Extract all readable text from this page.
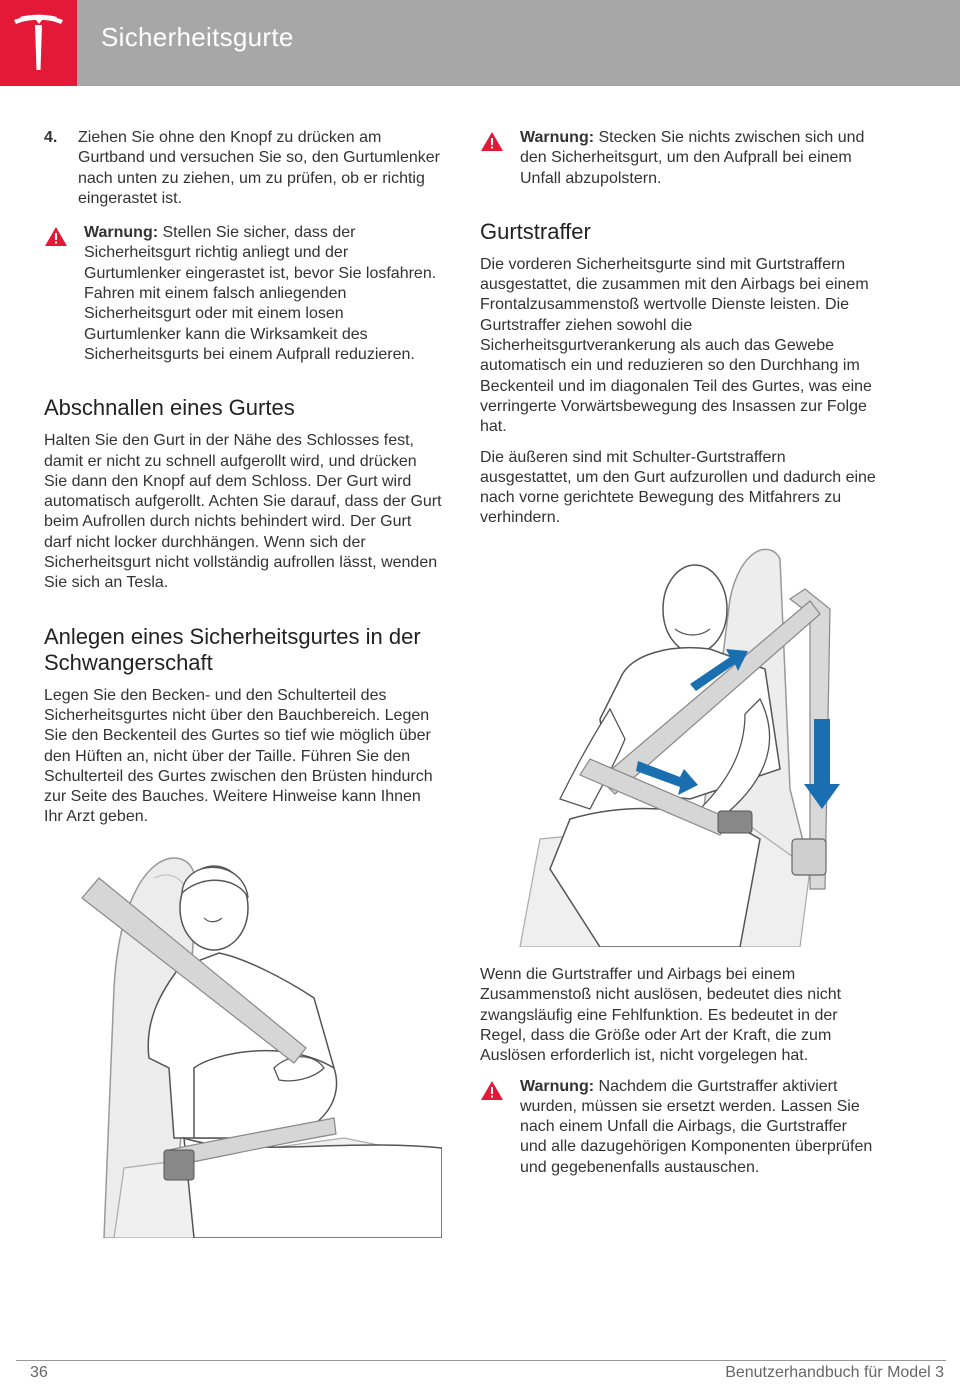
Sicherheitsgurte
4.	Ziehen Sie ohne den Knopf zu drücken am Gurtband und versuchen Sie so, den Gurtumlenker nach unten zu ziehen, um zu prüfen, ob er richtig eingerastet ist.
Warnung: Stellen Sie sicher, dass der Sicherheitsgurt richtig anliegt und der Gurtumlenker eingerastet ist, bevor Sie losfahren. Fahren mit einem falsch anliegenden Sicherheitsgurt oder mit einem losen Gurtumlenker kann die Wirksamkeit des Sicherheitsgurts bei einem Aufprall reduzieren.
Abschnallen eines Gurtes

Halten Sie den Gurt in der Nähe des Schlosses fest, damit er nicht zu schnell aufgerollt wird, und drücken Sie dann den Knopf auf dem Schloss. Der Gurt wird automatisch aufgerollt. Achten Sie darauf, dass der Gurt beim Aufrollen durch nichts behindert wird. Der Gurt darf nicht locker durchhängen. Wenn sich der Sicherheitsgurt nicht vollständig aufrollen lässt, wenden Sie sich an Tesla.

Anlegen eines Sicherheitsgurtes in der Schwangerschaft

Legen Sie den Becken- und den Schulterteil des Sicherheitsgurtes nicht über den Bauchbereich. Legen Sie den Beckenteil des Gurtes so tief wie möglich über den Hüften an, nicht über der Taille. Führen Sie den Schulterteil des Gurtes zwischen den Brüsten hindurch zur Seite des Bauches. Weitere Hinweise kann Ihnen Ihr Arzt geben.

Warnung: Stecken Sie nichts zwischen sich und den Sicherheitsgurt, um den Aufprall bei einem Unfall abzupolstern.
Gurtstraffer

Die vorderen Sicherheitsgurte sind mit Gurtstraffern ausgestattet, die zusammen mit den Airbags bei einem Frontalzusammenstoß wertvolle Dienste leisten. Die Gurtstraffer ziehen sowohl die Sicherheitsgurtverankerung als auch das Gewebe automatisch ein und reduzieren so den Durchhang im Beckenteil und im diagonalen Teil des Gurtes, was eine verringerte Vorwärtsbewegung des Insassen zur Folge hat.

Die äußeren sind mit Schulter-Gurtstraffern ausgestattet, um den Gurt aufzurollen und dadurch eine nach vorne gerichtete Bewegung des Mitfahrers zu verhindern.

Wenn die Gurtstraffer und Airbags bei einem Zusammenstoß nicht auslösen, bedeutet dies nicht zwangsläufig eine Fehlfunktion. Es bedeutet in der Regel, dass die Größe oder Art der Kraft, die zum Auslösen erforderlich ist, nicht vorgelegen hat.

Warnung: Nachdem die Gurtstraffer aktiviert wurden, müssen sie ersetzt werden. Lassen Sie nach einem Unfall die Airbags, die Gurtstraffer und alle dazugehörigen Komponenten überprüfen und gegebenenfalls austauschen.
36	Benutzerhandbuch für Model 3
